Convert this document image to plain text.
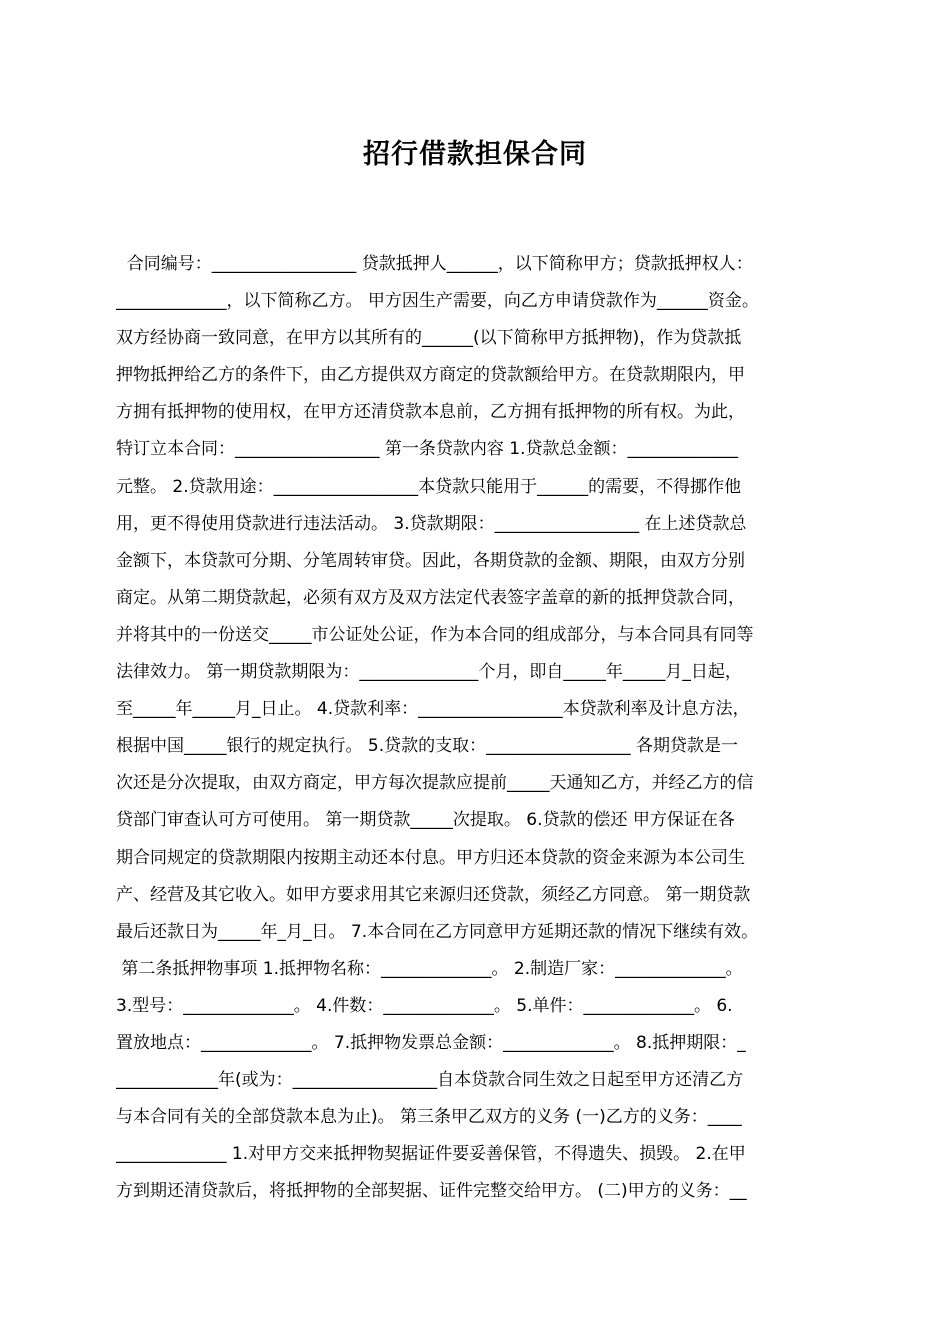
招行借款担保合同
合同编号：_________________ 贷款抵押人______，以下简称甲方；贷款抵押权人：
_____________，以下简称乙方。 甲方因生产需要，向乙方申请贷款作为______资金。
双方经协商一致同意，在甲方以其所有的______(以下简称甲方抵押物)，作为贷款抵
押物抵押给乙方的条件下，由乙方提供双方商定的贷款额给甲方。在贷款期限内，甲
方拥有抵押物的使用权，在甲方还清贷款本息前，乙方拥有抵押物的所有权。为此，
特订立本合同：_________________ 第一条贷款内容 1.贷款总金额：_____________
元整。 2.贷款用途：_________________本贷款只能用于______的需要，不得挪作他
用，更不得使用贷款进行违法活动。 3.贷款期限：_________________ 在上述贷款总
金额下，本贷款可分期、分笔周转审贷。因此，各期贷款的金额、期限，由双方分别
商定。从第二期贷款起，必须有双方及双方法定代表签字盖章的新的抵押贷款合同，
并将其中的一份送交_____市公证处公证，作为本合同的组成部分，与本合同具有同等
法律效力。 第一期贷款期限为：______________个月，即自_____年_____月_日起，
至_____年_____月_日止。 4.贷款利率：_________________本贷款利率及计息方法，
根据中国_____银行的规定执行。 5.贷款的支取：_________________ 各期贷款是一
次还是分次提取，由双方商定，甲方每次提款应提前_____天通知乙方，并经乙方的信
贷部门审查认可方可使用。 第一期贷款_____次提取。 6.贷款的偿还 甲方保证在各
期合同规定的贷款期限内按期主动还本付息。甲方归还本贷款的资金来源为本公司生
产、经营及其它收入。如甲方要求用其它来源归还贷款，须经乙方同意。 第一期贷款
最后还款日为_____年_月_日。 7.本合同在乙方同意甲方延期还款的情况下继续有效。
第二条抵押物事项 1.抵押物名称：_____________。 2.制造厂家：_____________。
3.型号：_____________。 4.件数：_____________。 5.单件：_____________。 6.
置放地点：_____________。 7.抵押物发票总金额：_____________。 8.抵押期限：_
____________年(或为：_________________自本贷款合同生效之日起至甲方还清乙方
与本合同有关的全部贷款本息为止)。 第三条甲乙双方的义务 (一)乙方的义务：____
_____________ 1.对甲方交来抵押物契据证件要妥善保管，不得遗失、损毁。 2.在甲
方到期还清贷款后，将抵押物的全部契据、证件完整交给甲方。 (二)甲方的义务：__
